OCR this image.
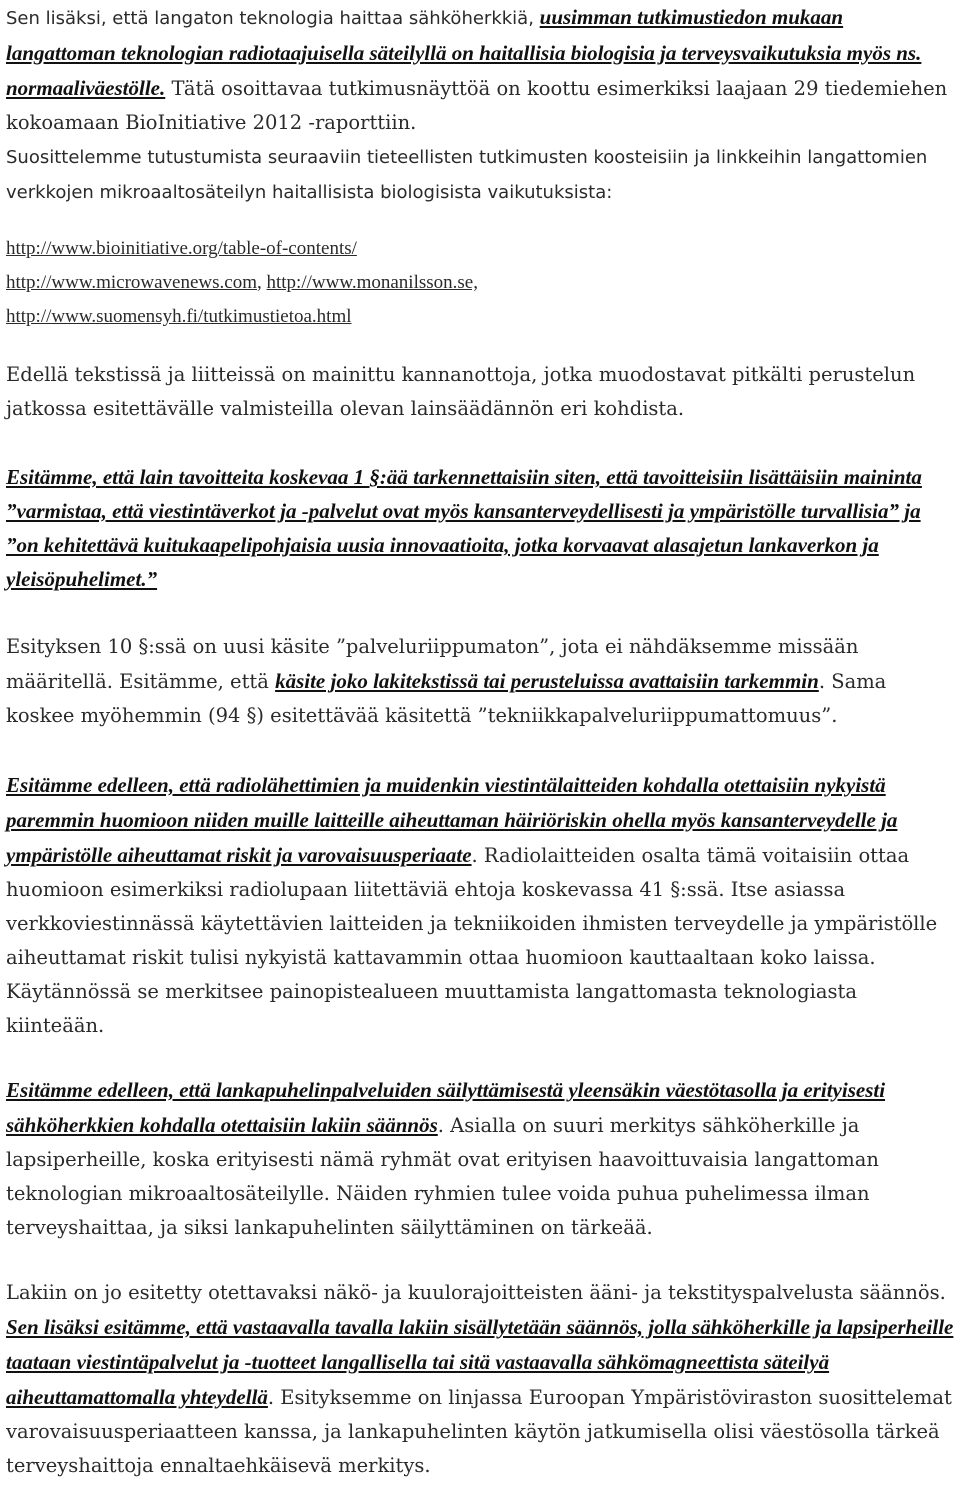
Sen lisäksi, että langaton teknologia haittaa sähköherkkiä, uusimman tutkimustiedon mukaan langattoman teknologian radiotaajuisella säteilyllä on haitallisia biologisia ja terveysvaikutuksia myös ns. normaaliväestölle. Tätä osoittavaa tutkimusnäyttöä on koottu esimerkiksi laajaan 29 tiedemiehen kokoamaan BioInitiative 2012 -raporttiin.
Suosittelemme tutustumista seuraaviin tieteellisten tutkimusten koosteisiin ja linkkeihin langattomien verkkojen mikroaaltosäteilyn haitallisista biologisista vaikutuksista:

http://www.bioinitiative.org/table-of-contents/
http://www.microwavenews.com, http://www.monanilsson.se,
http://www.suomensyh.fi/tutkimustietoa.html

Edellä tekstissä ja liitteissä on mainittu kannanottoja, jotka muodostavat pitkälti perustelun jatkossa esitettävälle valmisteilla olevan lainsäädännön eri kohdista.

Esitämme, että lain tavoitteita koskevaa 1 §:ää tarkennettaisiin siten, että tavoitteisiin lisättäisiin maininta ”varmistaa, että viestintäverkot ja -palvelut ovat myös kansanterveydellisesti ja ympäristölle turvallisia” ja ”on kehitettävä kuitukaapelipohjaisia uusia innovaatioita, jotka korvaavat alasajetun lankaverkon ja yleisöpuhelimet.”

Esityksen 10 §:ssä on uusi käsite ”palveluriippumaton”, jota ei nähdäksemme missään määritellä. Esitämme, että käsite joko lakitekstissä tai perusteluissa avattaisiin tarkemmin. Sama koskee myöhemmin (94 §) esitettävää käsitettä ”tekniikkapalveluriippumattomuus”.

Esitämme edelleen, että radiolähettimien ja muidenkin viestintälaitteiden kohdalla otettaisiin nykyistä paremmin huomioon niiden muille laitteille aiheuttaman häiriöriskin ohella myös kansanterveydelle ja ympäristölle aiheuttamat riskit ja varovaisuusperiaate. Radiolaitteiden osalta tämä voitaisiin ottaa huomioon esimerkiksi radiolupaan liitettäviä ehtoja koskevassa 41 §:ssä. Itse asiassa verkkoviestinnässä käytettävien laitteiden ja tekniikoiden ihmisten terveydelle ja ympäristölle aiheuttamat riskit tulisi nykyistä kattavammin ottaa huomioon kauttaaltaan koko laissa. Käytännössä se merkitsee painopistealueen muuttamista langattomasta teknologiasta kiinteään.

Esitämme edelleen, että lankapuhelinpalveluiden säilyttämisestä yleensäkin väestötasolla ja erityisesti sähköherkkien kohdalla otettaisiin lakiin säännös. Asialla on suuri merkitys sähköherkille ja lapsiperheille, koska erityisesti nämä ryhmät ovat erityisen haavoittuvaisia langattoman teknologian mikroaaltosäteilylle. Näiden ryhmien tulee voida puhua puhelimessa ilman terveyshaittaa, ja siksi lankapuhelinten säilyttäminen on tärkeää.

Lakiin on jo esitetty otettavaksi näkö- ja kuulorajoitteisten ääni- ja tekstityspalvelusta säännös. Sen lisäksi esitämme, että vastaavalla tavalla lakiin sisällytetään säännös, jolla sähköherkille ja lapsiperheille taataan viestintäpalvelut ja -tuotteet langallisella tai sitä vastaavalla sähkömagneettista säteilyä aiheuttamattomalla yhteydellä. Esityksemme on linjassa Euroopan Ympäristöviraston suosittelemat varovaisuusperiaatteen kanssa, ja lankapuhelinten käytön jatkumisella olisi väestösolla tärkeä terveyshaittoja ennaltaehkäisevä merkitys.
